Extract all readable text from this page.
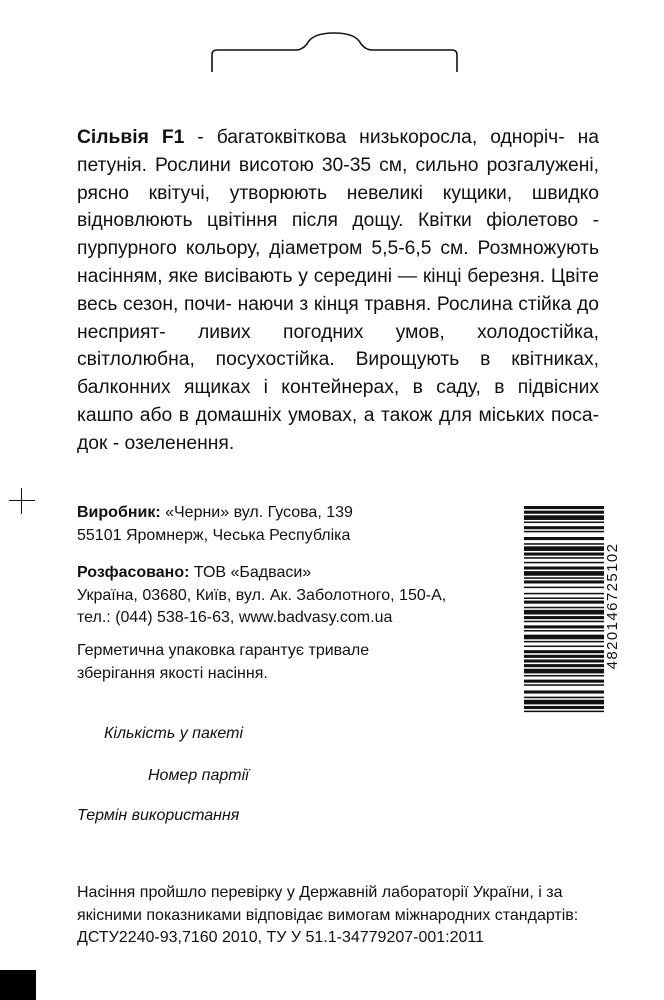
Сільвія F1 - багатоквіткова низькоросла, одноріч- на петунія. Рослини висотою 30-35 см, сильно розгалужені, рясно квітучі, утворюють невеликі кущики, швидко відновлюють цвітіння після дощу. Квітки фіолетово - пурпурного кольору, діаметром 5,5-6,5 см. Розмножують насінням, яке висівають у середині — кінці березня. Цвіте весь сезон, почи- наючи з кінця травня. Рослина стійка до несприят- ливих погодних умов, холодостійка, світлолюбна, посухостійка. Вирощують в квітниках, балконних ящиках і контейнерах, в саду, в підвісних кашпо або в домашніх умовах, а також для міських поса- док - озеленення.

Виробник: «Черни» вул. Гусова, 139
55101 Яромнерж, Чеська Республіка

Розфасовано: ТОВ «Бадваси»
Україна, 03680, Київ, вул. Ак. Заболотного, 150-А,
тел.: (044) 538-16-63, www.badvasy.com.ua

Герметична упаковка гарантує тривале
зберігання якості насіння.

4820146725102

Кількість у пакеті

Номер партії

Термін використання

Насіння пройшло перевірку у Державній лабораторії України, і за
якісними показниками відповідає вимогам міжнародних стандартів:
ДСТУ2240-93,7160 2010, ТУ У 51.1-34779207-001:2011
